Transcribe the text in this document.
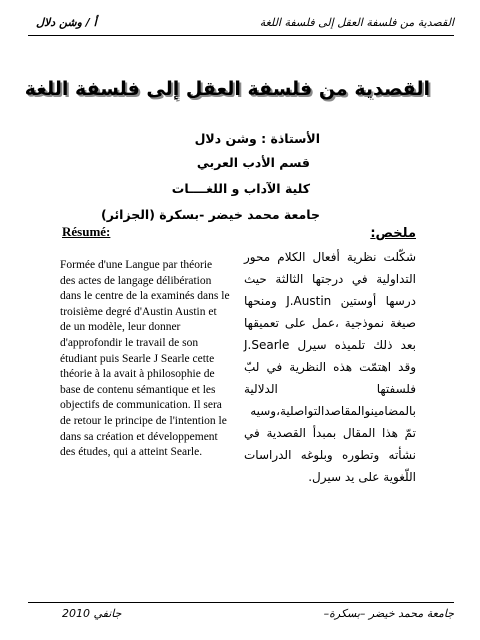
أ / وشن دلال	القصدية من فلسفة العقل إلى فلسفة اللغة
القصدية من فلسفة العقل إلى فلسفة اللغة
الأستاذة : وشن دلال
قسم الأدب العربي
كلية الآداب و اللغــــات
جامعة محمد خيضر -بسكرة (الجزائر)
Résumé:	ملخص:
Formée d'une Langue par théorie des actes de langage délibération dans le centre de la examinés dans le troisième degré d'Austin Austin et de un modèle, leur donner d'approfondir le travail de son étudiant puis Searle J Searle cette théorie à la avait à philosophie de base de contenu sémantique et les objectifs de communication. Il sera de retour le principe de l'intention le dans sa création et développement des études, qui a atteint Searle.
شكّلت نظرية أفعال الكلام محور التداولية في درجتها الثالثة حيث درسها أوستين J.Austin ومنحها صيغة نموذجية ،عمل على تعميقها بعد ذلك تلميذه سيرل J.Searle وقد اهتمّت هذه النظرية في لبّ فلسفتها الدلالية بالمضامينوالمقاصدالتواصلية،وسيه تمّ هذا المقال بمبدأ القصدية في نشأته وتطوره وبلوغه الدراسات اللّغوية على يد سيرل.
جانفي 2010	جامعة محمد خيضر –بسكرة–
